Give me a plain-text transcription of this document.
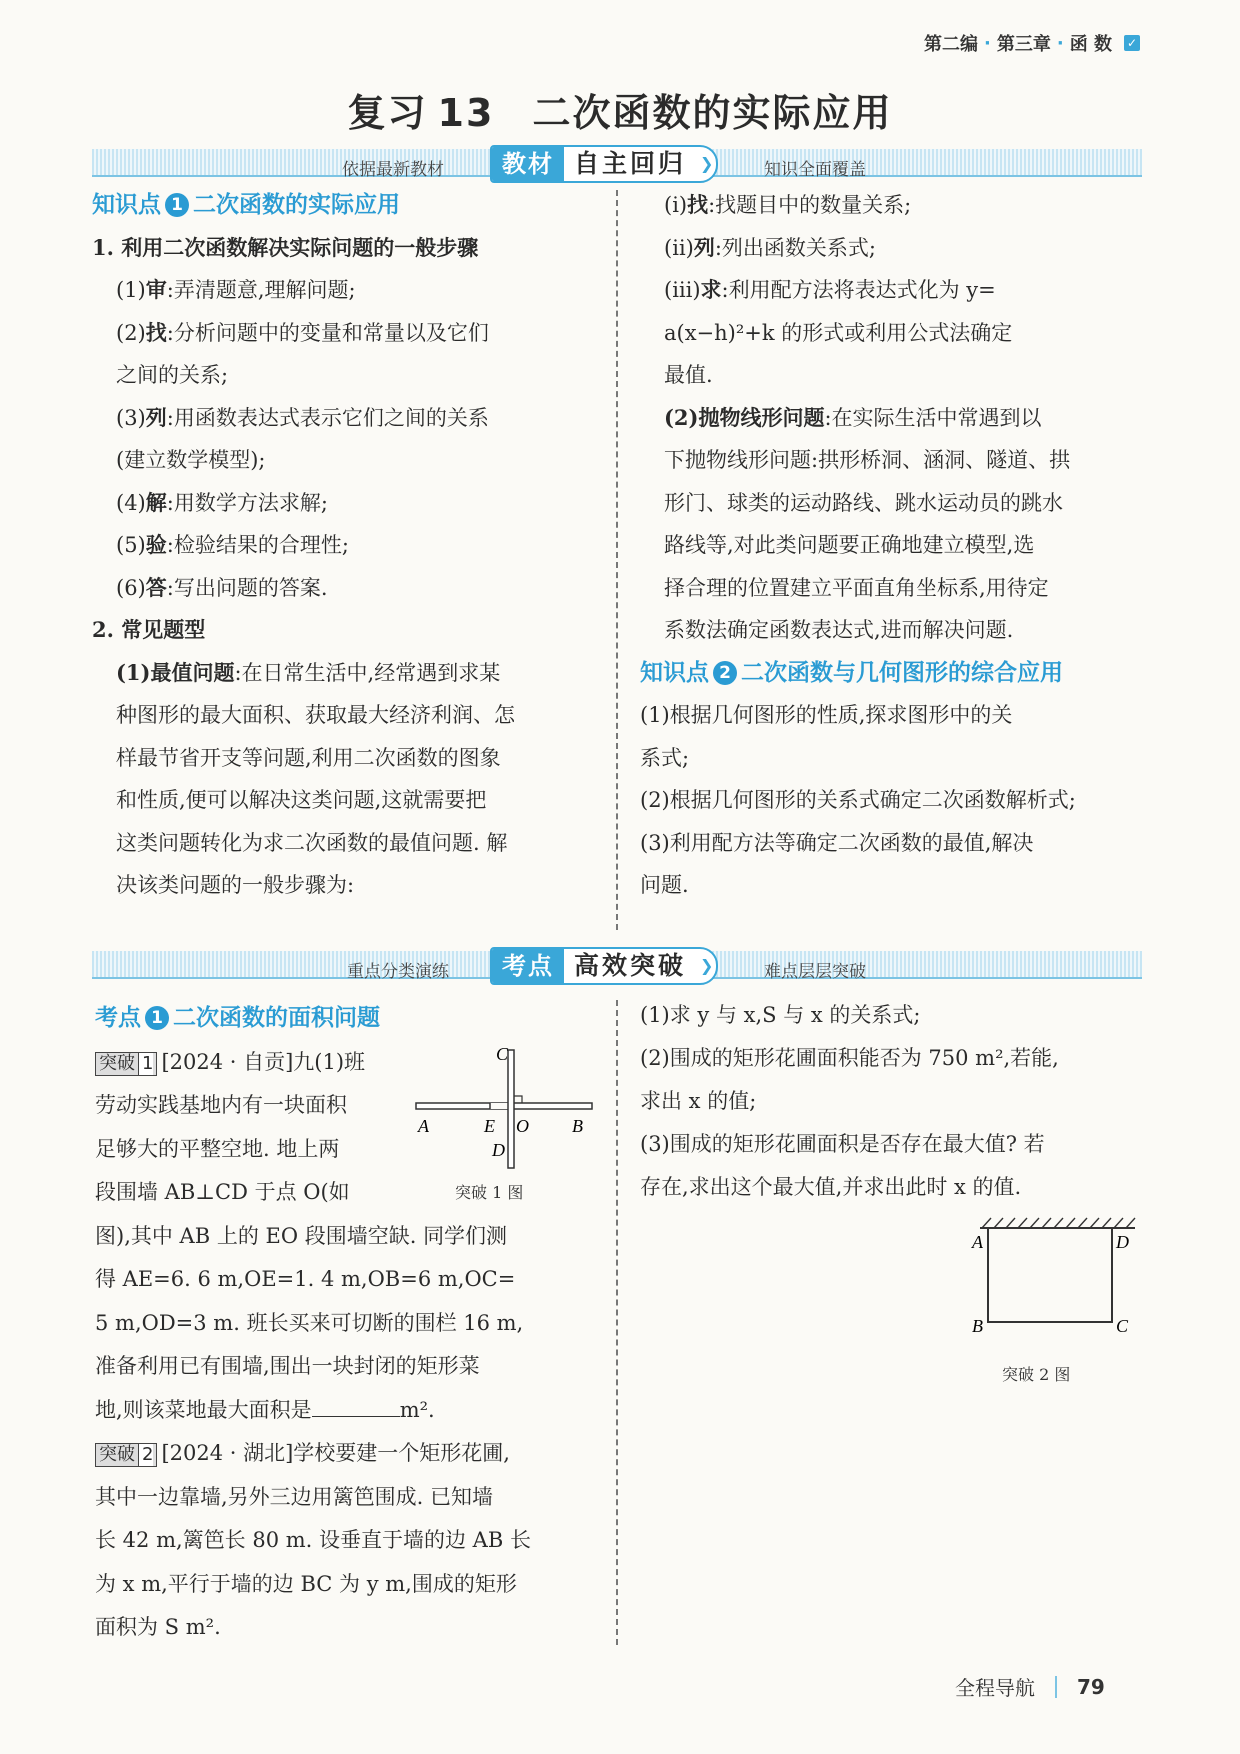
第二编 · 第三章 · 函 数 ✓
复习 13 二次函数的实际应用
依据最新教材	教材 自主回归 ❯	知识全面覆盖

知识点 1 二次函数的实际应用

1. 利用二次函数解决实际问题的一般步骤

(1)审:弄清题意,理解问题;

(2)找:分析问题中的变量和常量以及它们

之间的关系;

(3)列:用函数表达式表示它们之间的关系

(建立数学模型);

(4)解:用数学方法求解;

(5)验:检验结果的合理性;

(6)答:写出问题的答案.

2. 常见题型

(1)最值问题:在日常生活中,经常遇到求某

种图形的最大面积、获取最大经济利润、怎

样最节省开支等问题,利用二次函数的图象

和性质,便可以解决这类问题,这就需要把

这类问题转化为求二次函数的最值问题. 解

决该类问题的一般步骤为:

(ⅰ)找:找题目中的数量关系;

(ⅱ)列:列出函数关系式;

(ⅲ)求:利用配方法将表达式化为 y=

a(x−h)²+k 的形式或利用公式法确定

最值.

(2)抛物线形问题:在实际生活中常遇到以

下抛物线形问题:拱形桥洞、涵洞、隧道、拱

形门、球类的运动路线、跳水运动员的跳水

路线等,对此类问题要正确地建立模型,选

择合理的位置建立平面直角坐标系,用待定

系数法确定函数表达式,进而解决问题.

知识点 2 二次函数与几何图形的综合应用

(1)根据几何图形的性质,探求图形中的关

系式;

(2)根据几何图形的关系式确定二次函数解析式;

(3)利用配方法等确定二次函数的最值,解决

问题.

重点分类演练	考点 高效突破 ❯	难点层层突破

考点 1 二次函数的面积问题

突破 1 [2024 · 自贡]九(1)班

劳动实践基地内有一块面积

足够大的平整空地. 地上两

段围墙 AB⊥CD 于点 O(如

图),其中 AB 上的 EO 段围墙空缺. 同学们测

得 AE=6. 6 m,OE=1. 4 m,OB=6 m,OC=

5 m,OD=3 m. 班长买来可切断的围栏 16 m,

准备利用已有围墙,围出一块封闭的矩形菜

地,则该菜地最大面积是	m².

突破 2 [2024 · 湖北]学校要建一个矩形花圃,

其中一边靠墙,另外三边用篱笆围成. 已知墙

长 42 m,篱笆长 80 m. 设垂直于墙的边 AB 长

为 x m,平行于墙的边 BC 为 y m,围成的矩形

面积为 S m².

C
A	E O B
D
突破 1 图

(1)求 y 与 x,S 与 x 的关系式;

(2)围成的矩形花圃面积能否为 750 m²,若能,

求出 x 的值;

(3)围成的矩形花圃面积是否存在最大值? 若

存在,求出这个最大值,并求出此时 x 的值.

A	D
B	C
突破 2 图
全程导航 79
